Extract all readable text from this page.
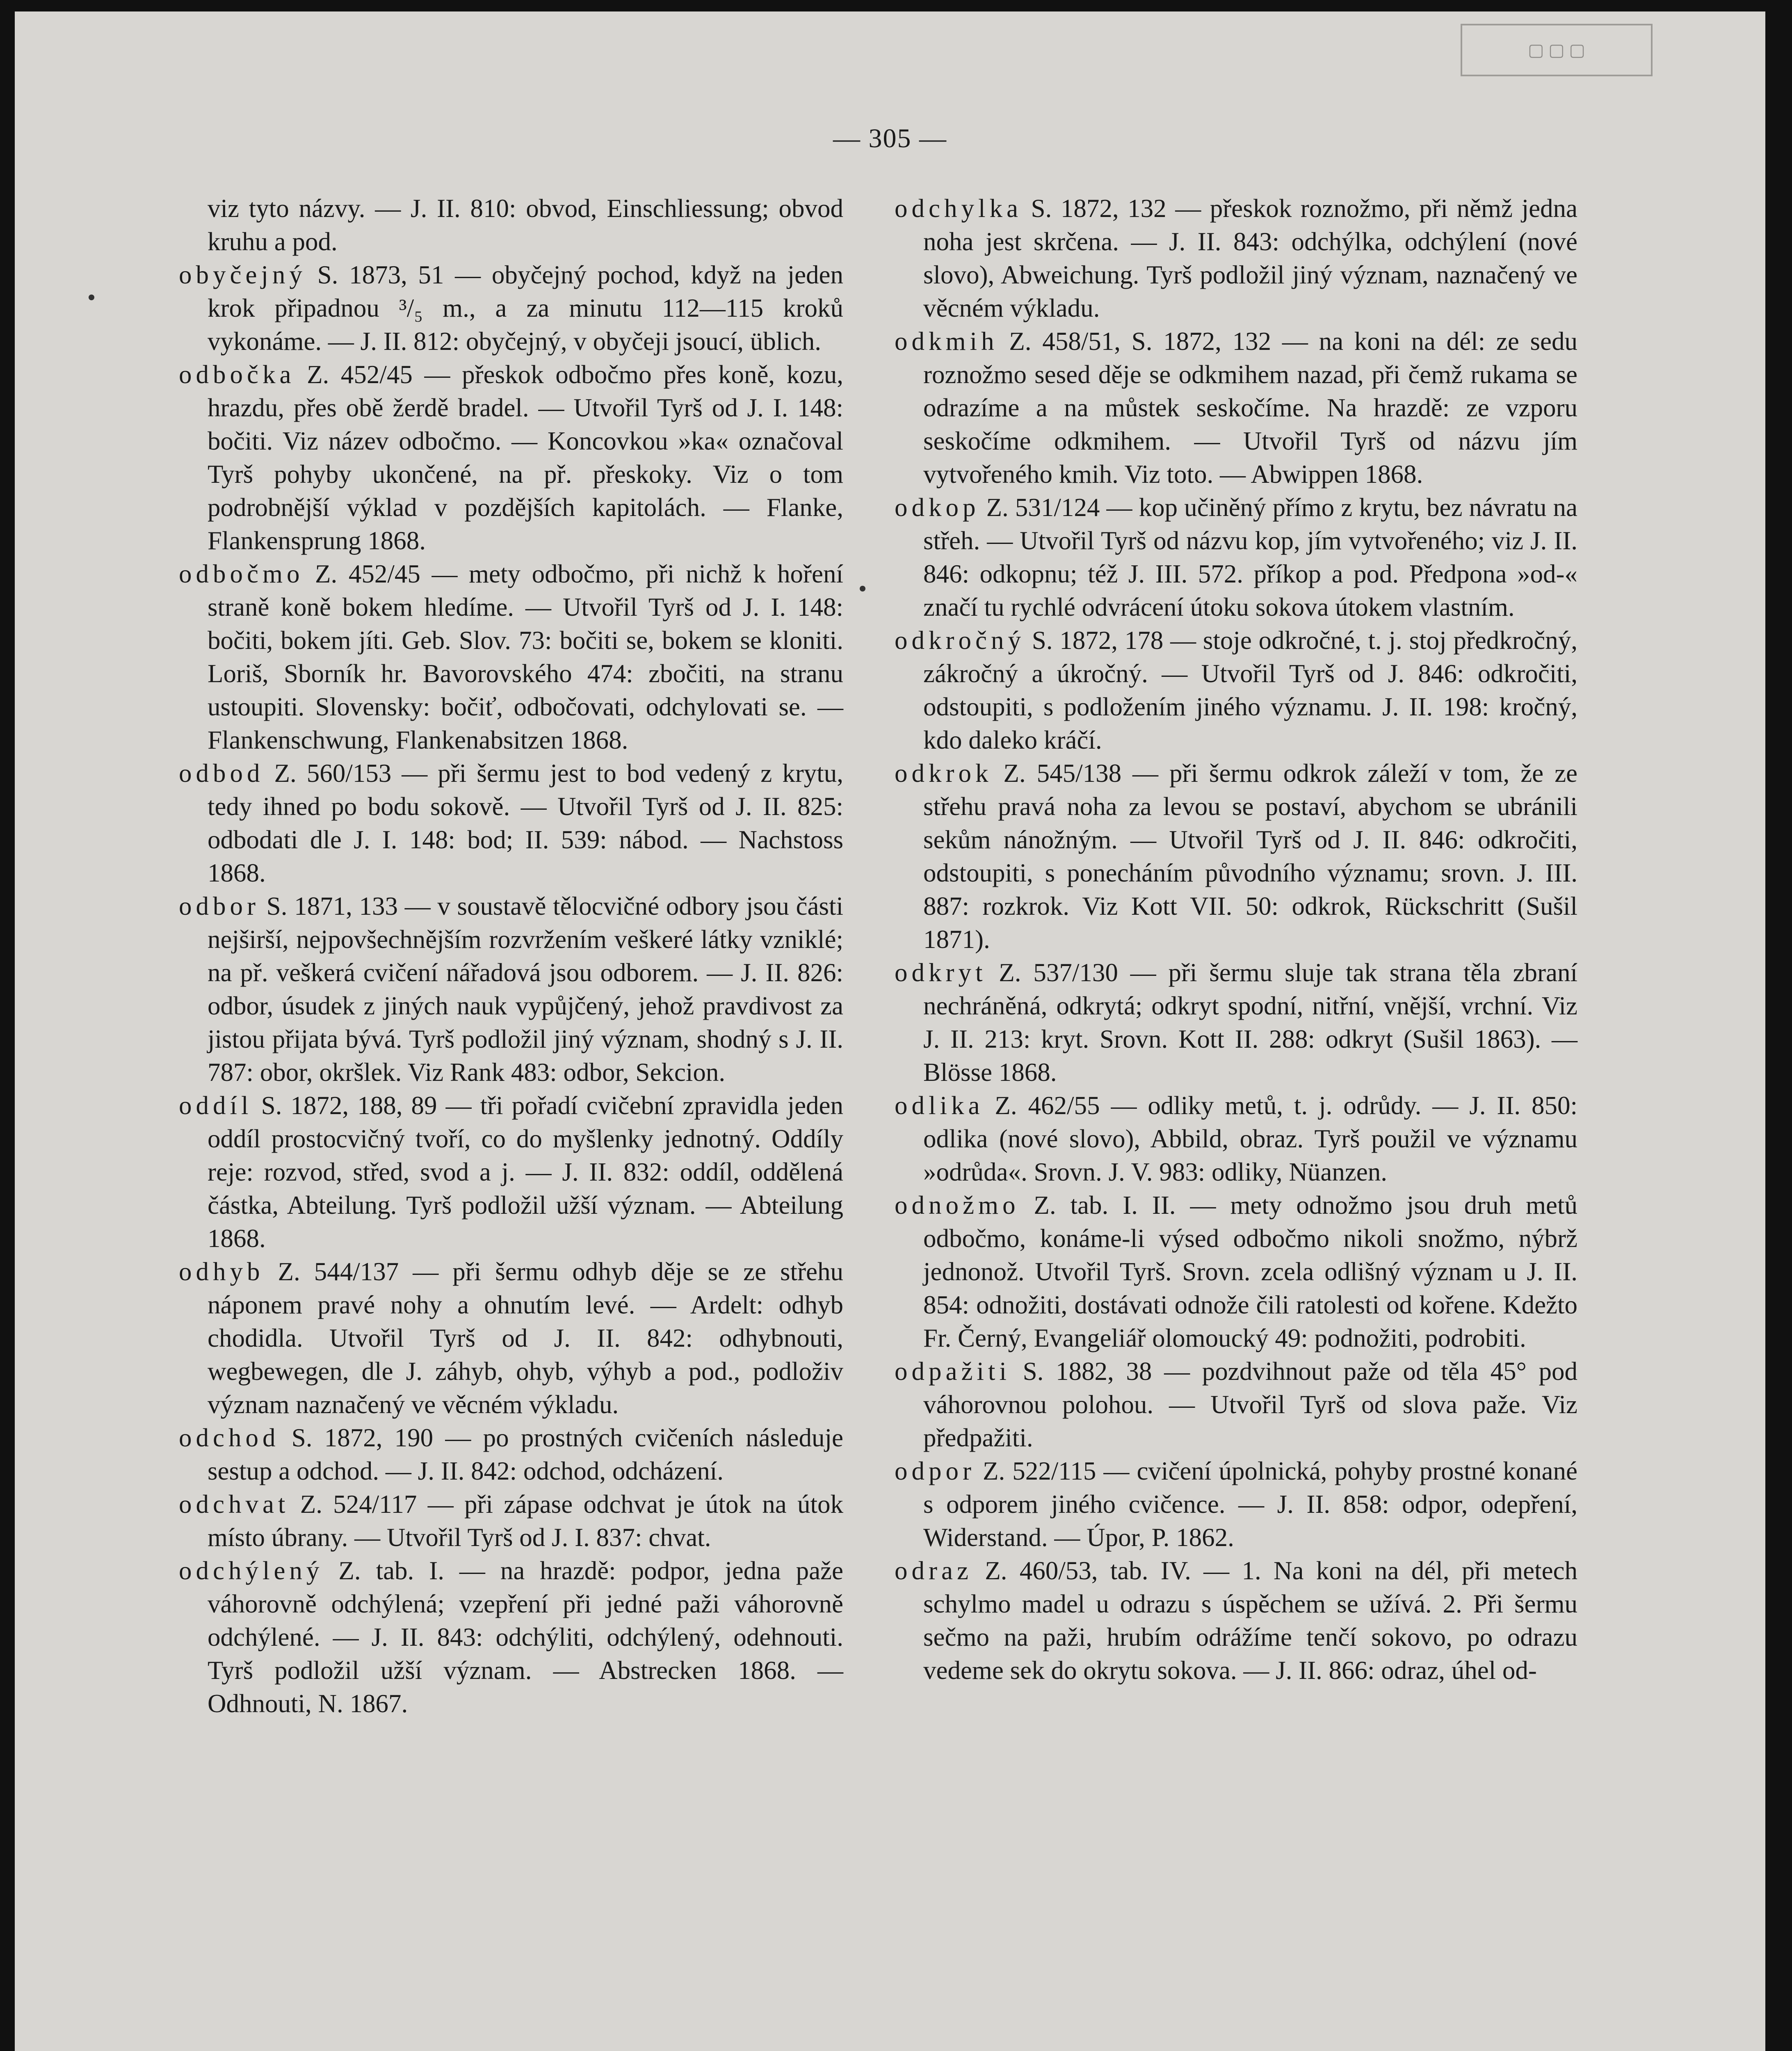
▢ ▢ ▢
— 305 —

viz tyto názvy. — J. II. 810: obvod, Einschliessung; obvod kruhu a pod.

obyčejný S. 1873, 51 — obyčejný pochod, když na jeden krok připadnou ³/₅ m., a za minutu 112—115 kroků vykonáme. — J. II. 812: obyčejný, v obyčeji jsoucí, üblich.

odbočka Z. 452/45 — přeskok odbočmo přes koně, kozu, hrazdu, přes obě žerdě bradel. — Utvořil Tyrš od J. I. 148: bočiti. Viz název odbočmo. — Koncovkou »ka« označoval Tyrš pohyby ukončené, na př. přeskoky. Viz o tom podrobnější výklad v pozdějších kapitolách. — Flanke, Flankensprung 1868.

odbočmo Z. 452/45 — mety odbočmo, při nichž k hoření straně koně bokem hledíme. — Utvořil Tyrš od J. I. 148: bočiti, bokem jíti. Geb. Slov. 73: bočiti se, bokem se kloniti. Loriš, Sborník hr. Bavorovského 474: zbočiti, na stranu ustoupiti. Slovensky: bočiť, odbočovati, odchylovati se. — Flankenschwung, Flankenabsitzen 1868.

odbod Z. 560/153 — při šermu jest to bod vedený z krytu, tedy ihned po bodu sokově. — Utvořil Tyrš od J. II. 825: odbodati dle J. I. 148: bod; II. 539: nábod. — Nachstoss 1868.

odbor S. 1871, 133 — v soustavě tělocvičné odbory jsou části nejširší, nejpovšechnějším rozvržením veškeré látky vzniklé; na př. veškerá cvičení nářadová jsou odborem. — J. II. 826: odbor, úsudek z jiných nauk vypůjčený, jehož pravdivost za jistou přijata bývá. Tyrš podložil jiný význam, shodný s J. II. 787: obor, okršlek. Viz Rank 483: odbor, Sekcion.

oddíl S. 1872, 188, 89 — tři pořadí cvičební zpravidla jeden oddíl prostocvičný tvoří, co do myšlenky jednotný. Oddíly reje: rozvod, střed, svod a j. — J. II. 832: oddíl, oddělená částka, Abteilung. Tyrš podložil užší význam. — Abteilung 1868.

odhyb Z. 544/137 — při šermu odhyb děje se ze střehu náponem pravé nohy a ohnutím levé. — Ardelt: odhyb chodidla. Utvořil Tyrš od J. II. 842: odhybnouti, wegbewegen, dle J. záhyb, ohyb, výhyb a pod., podloživ význam naznačený ve věcném výkladu.

odchod S. 1872, 190 — po prostných cvičeních následuje sestup a odchod. — J. II. 842: odchod, odcházení.

odchvat Z. 524/117 — při zápase odchvat je útok na útok místo úbrany. — Utvořil Tyrš od J. I. 837: chvat.

odchýlený Z. tab. I. — na hrazdě: podpor, jedna paže váhorovně odchýlená; vzepření při jedné paži váhorovně odchýlené. — J. II. 843: odchýliti, odchýlený, odehnouti. Tyrš podložil užší význam. — Abstrecken 1868. — Odhnouti, N. 1867.

odchylka S. 1872, 132 — přeskok roznožmo, při němž jedna noha jest skrčena. — J. II. 843: odchýlka, odchýlení (nové slovo), Abweichung. Tyrš podložil jiný význam, naznačený ve věcném výkladu.

odkmih Z. 458/51, S. 1872, 132 — na koni na dél: ze sedu roznožmo sesed děje se odkmihem nazad, při čemž rukama se odrazíme a na můstek seskočíme. Na hrazdě: ze vzporu seskočíme odkmihem. — Utvořil Tyrš od názvu jím vytvořeného kmih. Viz toto. — Abwippen 1868.

odkop Z. 531/124 — kop učiněný přímo z krytu, bez návratu na střeh. — Utvořil Tyrš od názvu kop, jím vytvořeného; viz J. II. 846: odkopnu; též J. III. 572. příkop a pod. Předpona »od-« značí tu rychlé odvrácení útoku sokova útokem vlastním.

odkročný S. 1872, 178 — stoje odkročné, t. j. stoj předkročný, zákročný a úkročný. — Utvořil Tyrš od J. 846: odkročiti, odstoupiti, s podložením jiného významu. J. II. 198: kročný, kdo daleko kráčí.

odkrok Z. 545/138 — při šermu odkrok záleží v tom, že ze střehu pravá noha za levou se postaví, abychom se ubránili sekům nánožným. — Utvořil Tyrš od J. II. 846: odkročiti, odstoupiti, s ponecháním původního významu; srovn. J. III. 887: rozkrok. Viz Kott VII. 50: odkrok, Rückschritt (Sušil 1871).

odkryt Z. 537/130 — při šermu sluje tak strana těla zbraní nechráněná, odkrytá; odkryt spodní, nitřní, vnější, vrchní. Viz J. II. 213: kryt. Srovn. Kott II. 288: odkryt (Sušil 1863). — Blösse 1868.

odlika Z. 462/55 — odliky metů, t. j. odrůdy. — J. II. 850: odlika (nové slovo), Abbild, obraz. Tyrš použil ve významu »odrůda«. Srovn. J. V. 983: odliky, Nüanzen.

odnožmo Z. tab. I. II. — mety odnožmo jsou druh metů odbočmo, konáme-li výsed odbočmo nikoli snožmo, nýbrž jednonož. Utvořil Tyrš. Srovn. zcela odlišný význam u J. II. 854: odnožiti, dostávati odnože čili ratolesti od kořene. Kdežto Fr. Černý, Evangeliář olomoucký 49: podnožiti, podrobiti.

odpažiti S. 1882, 38 — pozdvihnout paže od těla 45° pod váhorovnou polohou. — Utvořil Tyrš od slova paže. Viz předpažiti.

odpor Z. 522/115 — cvičení úpolnická, pohyby prostné konané s odporem jiného cvičence. — J. II. 858: odpor, odepření, Widerstand. — Úpor, P. 1862.

odraz Z. 460/53, tab. IV. — 1. Na koni na dél, při metech schylmo madel u odrazu s úspěchem se užívá. 2. Při šermu sečmo na paži, hrubím odrážíme tenčí sokovo, po odrazu vedeme sek do okrytu sokova. — J. II. 866: odraz, úhel od-
